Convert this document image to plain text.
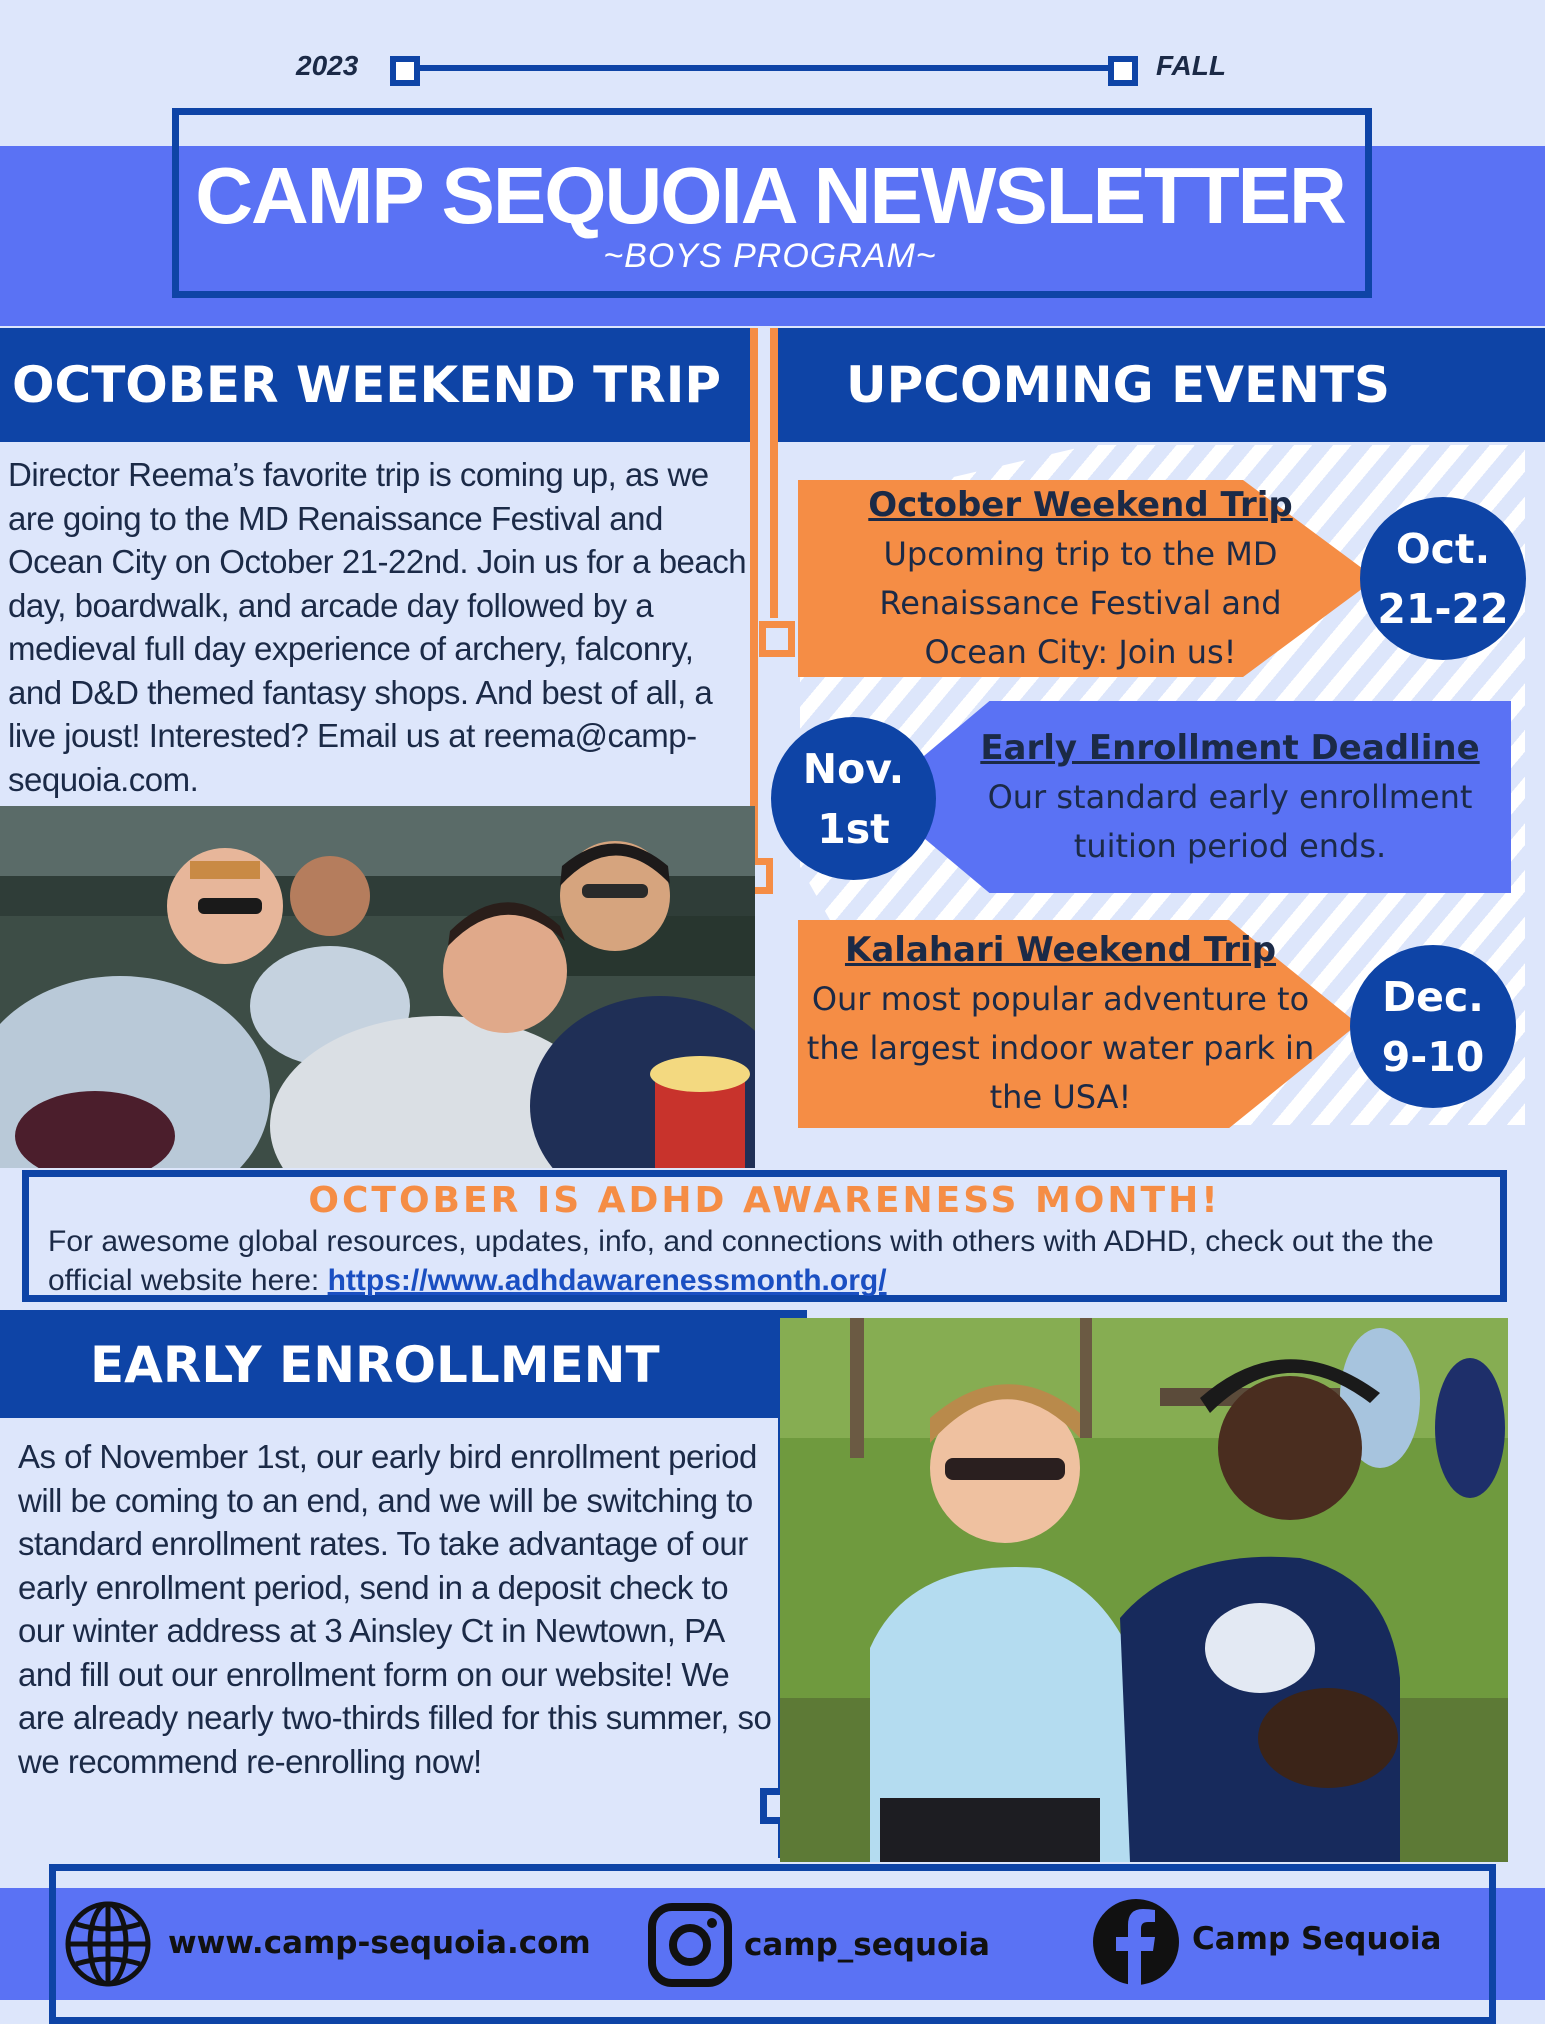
2023	FALL
CAMP SEQUOIA NEWSLETTER
~BOYS PROGRAM~
OCTOBER WEEKEND TRIP	UPCOMING EVENTS
Director Reema’s favorite trip is coming up, as we are going to the MD Renaissance Festival and Ocean City on October 21-22nd. Join us for a beach day, boardwalk, and arcade day followed by a medieval full day experience of archery, falconry, and D&D themed fantasy shops. And best of all, a live joust! Interested? Email us at reema@camp-sequoia.com.
October Weekend Trip
Upcoming trip to the MD Renaissance Festival and Ocean City: Join us!
Oct.
21-22
Early Enrollment Deadline
Our standard early enrollment tuition period ends.
Nov.
1st
Kalahari Weekend Trip
Our most popular adventure to the largest indoor water park in the USA!
Dec.
9-10
OCTOBER IS ADHD AWARENESS MONTH!
For awesome global resources, updates, info, and connections with others with ADHD, check out the the official website here: https://www.adhdawarenessmonth.org/
EARLY ENROLLMENT
As of November 1st, our early bird enrollment period will be coming to an end, and we will be switching to standard enrollment rates. To take advantage of our early enrollment period, send in a deposit check to our winter address at 3 Ainsley Ct in Newtown, PA and fill out our enrollment form on our website! We are already nearly two-thirds filled for this summer, so we recommend re-enrolling now!
www.camp-sequoia.com	camp_sequoia	Camp Sequoia
